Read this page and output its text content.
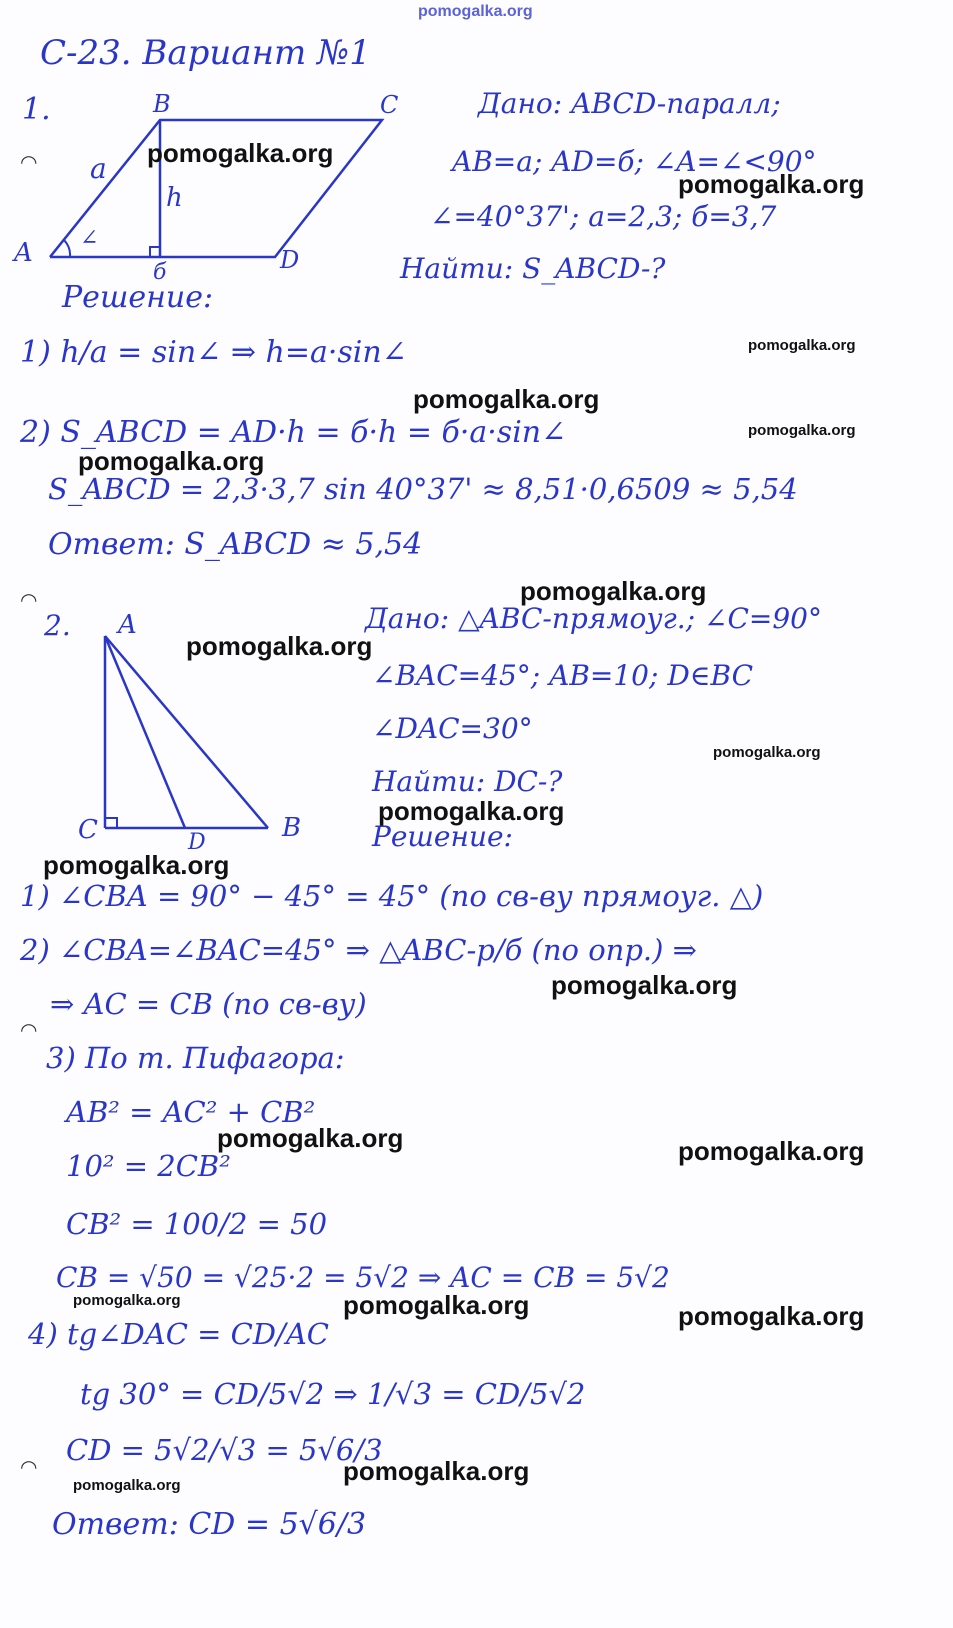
pomogalka.org
С-23. Вариант №1
1.
A
B	C
D
a
h
∠
б
Дано: ABCD-паралл;
AB=a; AD=б; ∠A=∠<90°
∠=40°37'; a=2,3; б=3,7
Найти: S_ABCD-?
Решение:
1) h/a = sin∠ ⇒ h=a·sin∠
2) S_ABCD = AD·h = б·h = б·a·sin∠
S_ABCD = 2,3·3,7 sin 40°37' ≈ 8,51·0,6509 ≈ 5,54
Ответ: S_ABCD ≈ 5,54
2. A
B
C	D
Дано: △ABC-прямоуг.; ∠C=90°
∠BAC=45°; AB=10; D∈BC
∠DAC=30°
Найти: DC-?
Решение:
1) ∠CBA = 90° − 45° = 45° (по св-ву прямоуг. △)
2) ∠CBA=∠BAC=45° ⇒ △ABC-р/б (по опр.) ⇒
⇒ AC = CB (по св-ву)
3) По т. Пифагора:
AB² = AC² + CB²
10² = 2CB²
CB² = 100/2 = 50
CB = √50 = √25·2 = 5√2 ⇒ AC = CB = 5√2
4) tg∠DAC = CD/AC
tg 30° = CD/5√2 ⇒ 1/√3 = CD/5√2
CD = 5√2/√3 = 5√6/3
Ответ: CD = 5√6/3
◠
◠
◠
◠
pomogalka.org
pomogalka.org
pomogalka.org
pomogalka.org
pomogalka.org
pomogalka.org
pomogalka.org
pomogalka.org
pomogalka.org
pomogalka.org
pomogalka.org
pomogalka.org
pomogalka.org	pomogalka.org
pomogalka.org	pomogalka.org	pomogalka.org
pomogalka.org
pomogalka.org
